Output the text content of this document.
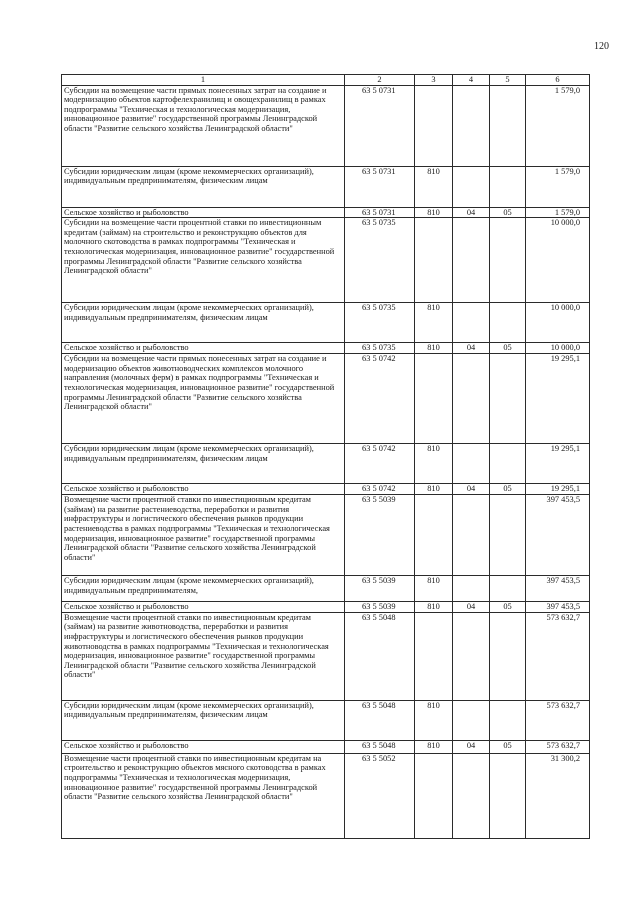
120
1	2	3	4	5	6
Субсидии на возмещение части прямых понесенных затрат на создание и модернизацию объектов картофелехранилищ и овощехранилищ в рамках подпрограммы "Техническая и технологическая модернизация, инновационное развитие" государственной программы Ленинградской области "Развитие сельского хозяйства Ленинградской области"	63 5 0731				1 579,0
Субсидии юридическим лицам (кроме некоммерческих организаций), индивидуальным предпринимателям, физическим лицам	63 5 0731	810			1 579,0
Сельское хозяйство и рыболовство	63 5 0731	810	04	05	1 579,0
Субсидии на возмещение части процентной ставки по инвестиционным кредитам (займам) на строительство и реконструкцию объектов для молочного скотоводства в рамках подпрограммы "Техническая и технологическая модернизация, инновационное развитие" государственной программы Ленинградской области "Развитие сельского хозяйства Ленинградской области"	63 5 0735				10 000,0
Субсидии юридическим лицам (кроме некоммерческих организаций), индивидуальным предпринимателям, физическим лицам	63 5 0735	810			10 000,0
Сельское хозяйство и рыболовство	63 5 0735	810	04	05	10 000,0
Субсидии на возмещение части прямых понесенных затрат на создание и модернизацию объектов животноводческих комплексов молочного направления (молочных ферм) в рамках подпрограммы "Техническая и технологическая модернизация, инновационное развитие" государственной программы Ленинградской области "Развитие сельского хозяйства Ленинградской области"	63 5 0742				19 295,1
Субсидии юридическим лицам (кроме некоммерческих организаций), индивидуальным предпринимателям, физическим лицам	63 5 0742	810			19 295,1
Сельское хозяйство и рыболовство	63 5 0742	810	04	05	19 295,1
Возмещение части процентной ставки по инвестиционным кредитам (займам) на развитие растениеводства, переработки и развития инфраструктуры и логистического обеспечения рынков продукции растениеводства в рамках подпрограммы "Техническая и технологическая модернизация, инновационное развитие" государственной программы Ленинградской области "Развитие сельского хозяйства Ленинградской области"	63 5 5039				397 453,5
Субсидии юридическим лицам (кроме некоммерческих организаций), индивидуальным предпринимателям,	63 5 5039	810			397 453,5
Сельское хозяйство и рыболовство	63 5 5039	810	04	05	397 453,5
Возмещение части процентной ставки по инвестиционным кредитам (займам) на развитие животноводства, переработки и развития инфраструктуры и логистического обеспечения рынков продукции животноводства в рамках подпрограммы "Техническая и технологическая модернизация, инновационное развитие" государственной программы Ленинградской области "Развитие сельского хозяйства Ленинградской области"	63 5 5048				573 632,7
Субсидии юридическим лицам (кроме некоммерческих организаций), индивидуальным предпринимателям, физическим лицам	63 5 5048	810			573 632,7
Сельское хозяйство и рыболовство	63 5 5048	810	04	05	573 632,7
Возмещение части процентной ставки по инвестиционным кредитам на строительство и реконструкцию объектов мясного скотоводства в рамках подпрограммы "Техническая и технологическая модернизация, инновационное развитие" государственной программы Ленинградской области "Развитие сельского хозяйства Ленинградской области"	63 5 5052				31 300,2
